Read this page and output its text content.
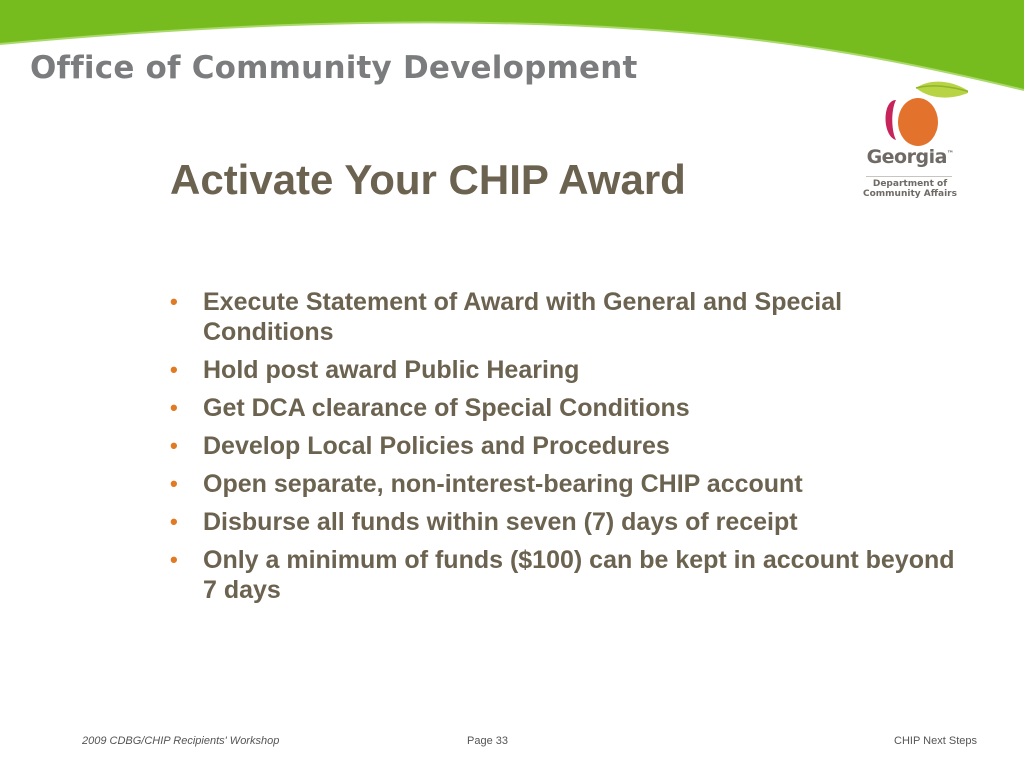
Office of Community Development
Activate Your CHIP Award	Georgia™
Department of
Community Affairs
• Execute Statement of Award with General and Special Conditions
• Hold post award Public Hearing
• Get DCA clearance of Special Conditions
• Develop Local Policies and Procedures
• Open separate, non-interest-bearing CHIP account
• Disburse all funds within seven (7) days of receipt
• Only a minimum of funds ($100) can be kept in account beyond 7 days
2009 CDBG/CHIP Recipients' Workshop	Page 33	CHIP Next Steps
